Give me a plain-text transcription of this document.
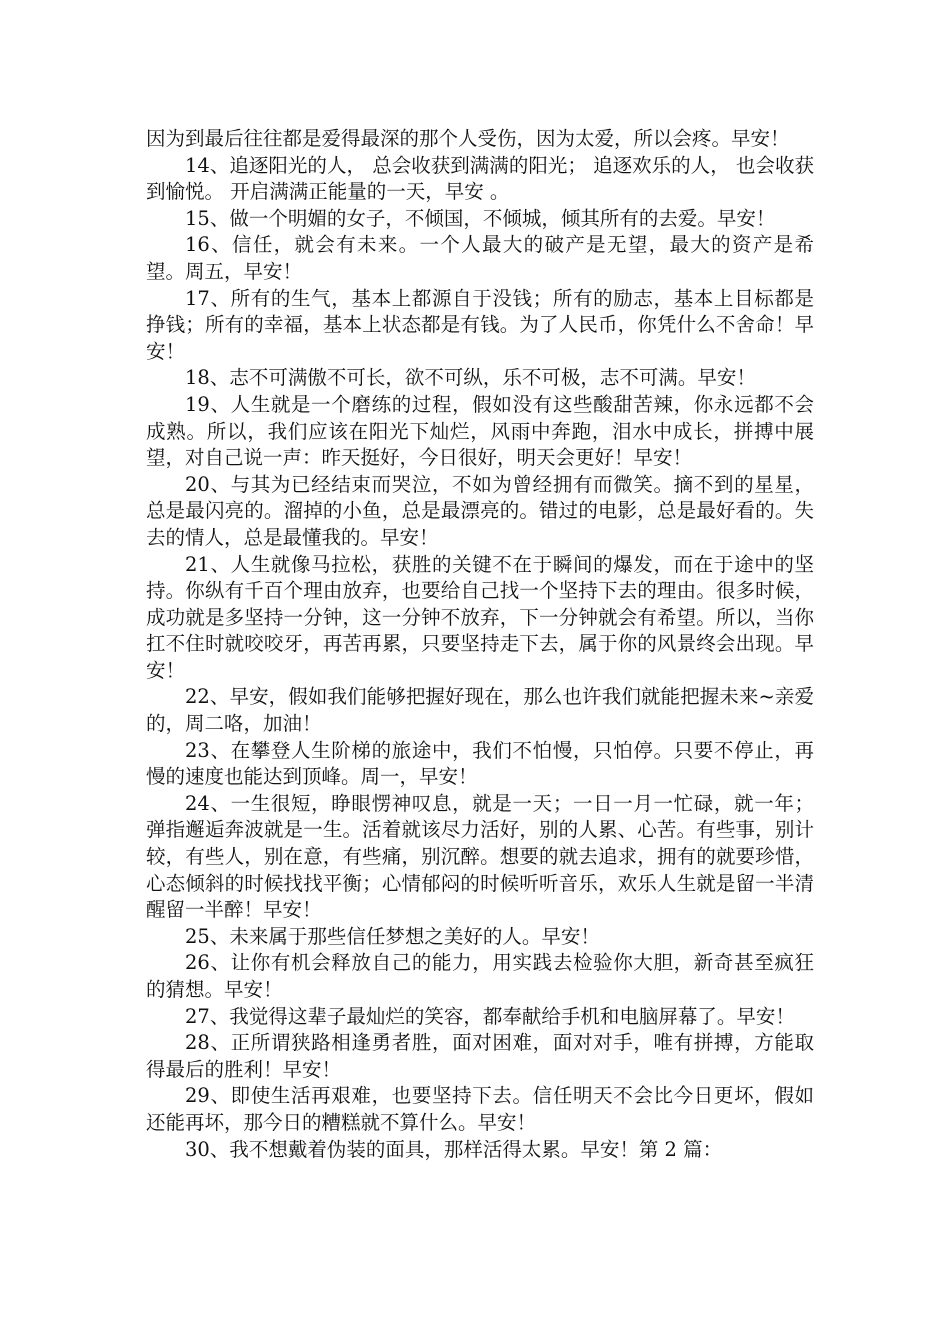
因为到最后往往都是爱得最深的那个人受伤，因为太爱，所以会疼。早安！

14、追逐阳光的人， 总会收获到满满的阳光； 追逐欢乐的人， 也会收获到愉悦。 开启满满正能量的一天，早安 。

15、做一个明媚的女子，不倾国，不倾城，倾其所有的去爱。早安！

16、信任，就会有未来。一个人最大的破产是无望，最大的资产是希望。周五，早安！

17、所有的生气，基本上都源自于没钱；所有的励志，基本上目标都是挣钱；所有的幸福，基本上状态都是有钱。为了人民币，你凭什么不舍命！早安！

18、志不可满傲不可长，欲不可纵，乐不可极，志不可满。早安！

19、人生就是一个磨练的过程，假如没有这些酸甜苦辣，你永远都不会成熟。所以，我们应该在阳光下灿烂，风雨中奔跑，泪水中成长，拼搏中展望，对自己说一声：昨天挺好，今日很好，明天会更好！早安！

20、与其为已经结束而哭泣，不如为曾经拥有而微笑。摘不到的星星，总是最闪亮的。溜掉的小鱼，总是最漂亮的。错过的电影，总是最好看的。失去的情人，总是最懂我的。早安！

21、人生就像马拉松，获胜的关键不在于瞬间的爆发，而在于途中的坚持。你纵有千百个理由放弃，也要给自己找一个坚持下去的理由。很多时候，成功就是多坚持一分钟，这一分钟不放弃，下一分钟就会有希望。所以，当你扛不住时就咬咬牙，再苦再累，只要坚持走下去，属于你的风景终会出现。早安！

22、早安，假如我们能够把握好现在，那么也许我们就能把握未来~亲爱的，周二咯，加油！

23、在攀登人生阶梯的旅途中，我们不怕慢，只怕停。只要不停止，再慢的速度也能达到顶峰。周一，早安！

24、一生很短，睁眼愣神叹息，就是一天；一日一月一忙碌，就一年；弹指邂逅奔波就是一生。活着就该尽力活好，别的人累、心苦。有些事，别计较，有些人，别在意，有些痛，别沉醉。想要的就去追求，拥有的就要珍惜，心态倾斜的时候找找平衡；心情郁闷的时候听听音乐，欢乐人生就是留一半清醒留一半醉！早安！

25、未来属于那些信任梦想之美好的人。早安！

26、让你有机会释放自己的能力，用实践去检验你大胆，新奇甚至疯狂的猜想。早安！

27、我觉得这辈子最灿烂的笑容，都奉献给手机和电脑屏幕了。早安！

28、正所谓狭路相逢勇者胜，面对困难，面对对手，唯有拼搏，方能取得最后的胜利！早安！

29、即使生活再艰难，也要坚持下去。信任明天不会比今日更坏，假如还能再坏，那今日的糟糕就不算什么。早安！

30、我不想戴着伪装的面具，那样活得太累。早安！第 2 篇：
